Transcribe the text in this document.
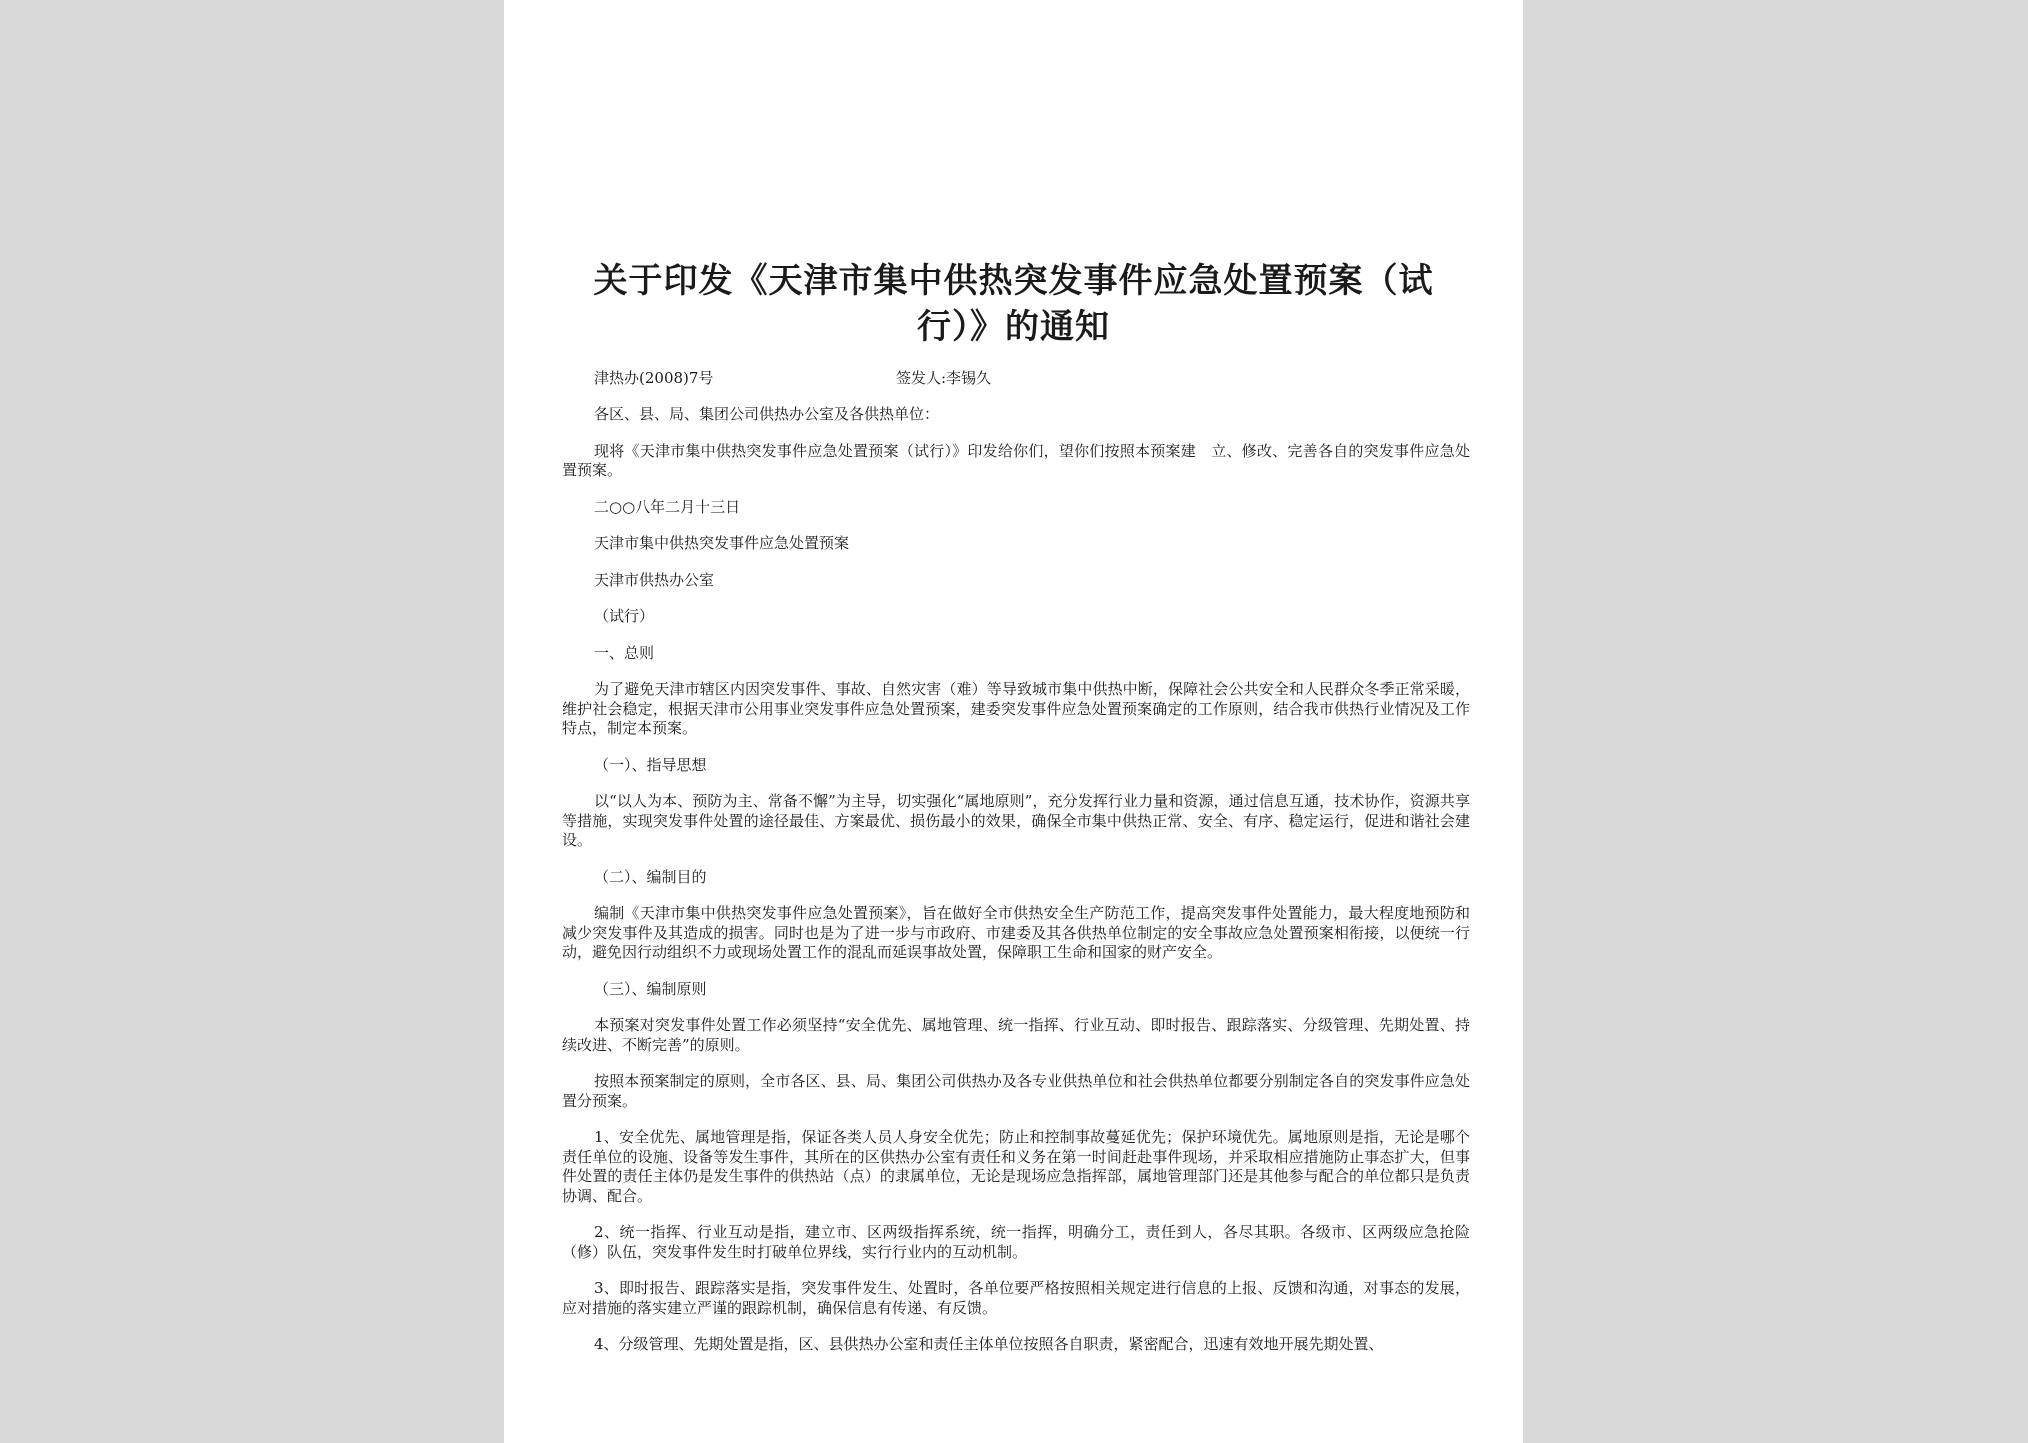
关于印发《天津市集中供热突发事件应急处置预案（试行）》的通知
津热办(2008)7号	签发人:李锡久

各区、县、局、集团公司供热办公室及各供热单位：

现将《天津市集中供热突发事件应急处置预案（试行）》印发给你们，望你们按照本预案建　立、修改、完善各自的突发事件应急处置预案。

二○○八年二月十三日

天津市集中供热突发事件应急处置预案

天津市供热办公室

（试行）

一、总则

为了避免天津市辖区内因突发事件、事故、自然灾害（难）等导致城市集中供热中断，保障社会公共安全和人民群众冬季正常采暖，维护社会稳定，根据天津市公用事业突发事件应急处置预案，建委突发事件应急处置预案确定的工作原则，结合我市供热行业情况及工作特点，制定本预案。

（一）、指导思想

以“以人为本、预防为主、常备不懈”为主导，切实强化“属地原则”，充分发挥行业力量和资源，通过信息互通，技术协作，资源共享等措施，实现突发事件处置的途径最佳、方案最优、损伤最小的效果，确保全市集中供热正常、安全、有序、稳定运行，促进和谐社会建设。

（二）、编制目的

编制《天津市集中供热突发事件应急处置预案》，旨在做好全市供热安全生产防范工作，提高突发事件处置能力，最大程度地预防和减少突发事件及其造成的损害。同时也是为了进一步与市政府、市建委及其各供热单位制定的安全事故应急处置预案相衔接，以便统一行动，避免因行动组织不力或现场处置工作的混乱而延误事故处置，保障职工生命和国家的财产安全。

（三）、编制原则

本预案对突发事件处置工作必须坚持“安全优先、属地管理、统一指挥、行业互动、即时报告、跟踪落实、分级管理、先期处置、持续改进、不断完善”的原则。

按照本预案制定的原则，全市各区、县、局、集团公司供热办及各专业供热单位和社会供热单位都要分别制定各自的突发事件应急处置分预案。

1、安全优先、属地管理是指，保证各类人员人身安全优先；防止和控制事故蔓延优先；保护环境优先。属地原则是指，无论是哪个责任单位的设施、设备等发生事件，其所在的区供热办公室有责任和义务在第一时间赶赴事件现场，并采取相应措施防止事态扩大，但事件处置的责任主体仍是发生事件的供热站（点）的隶属单位，无论是现场应急指挥部，属地管理部门还是其他参与配合的单位都只是负责协调、配合。

2、统一指挥、行业互动是指，建立市、区两级指挥系统，统一指挥，明确分工，责任到人，各尽其职。各级市、区两级应急抢险（修）队伍，突发事件发生时打破单位界线，实行行业内的互动机制。

3、即时报告、跟踪落实是指，突发事件发生、处置时，各单位要严格按照相关规定进行信息的上报、反馈和沟通，对事态的发展，应对措施的落实建立严谨的跟踪机制，确保信息有传递、有反馈。

4、分级管理、先期处置是指，区、县供热办公室和责任主体单位按照各自职责，紧密配合，迅速有效地开展先期处置、
